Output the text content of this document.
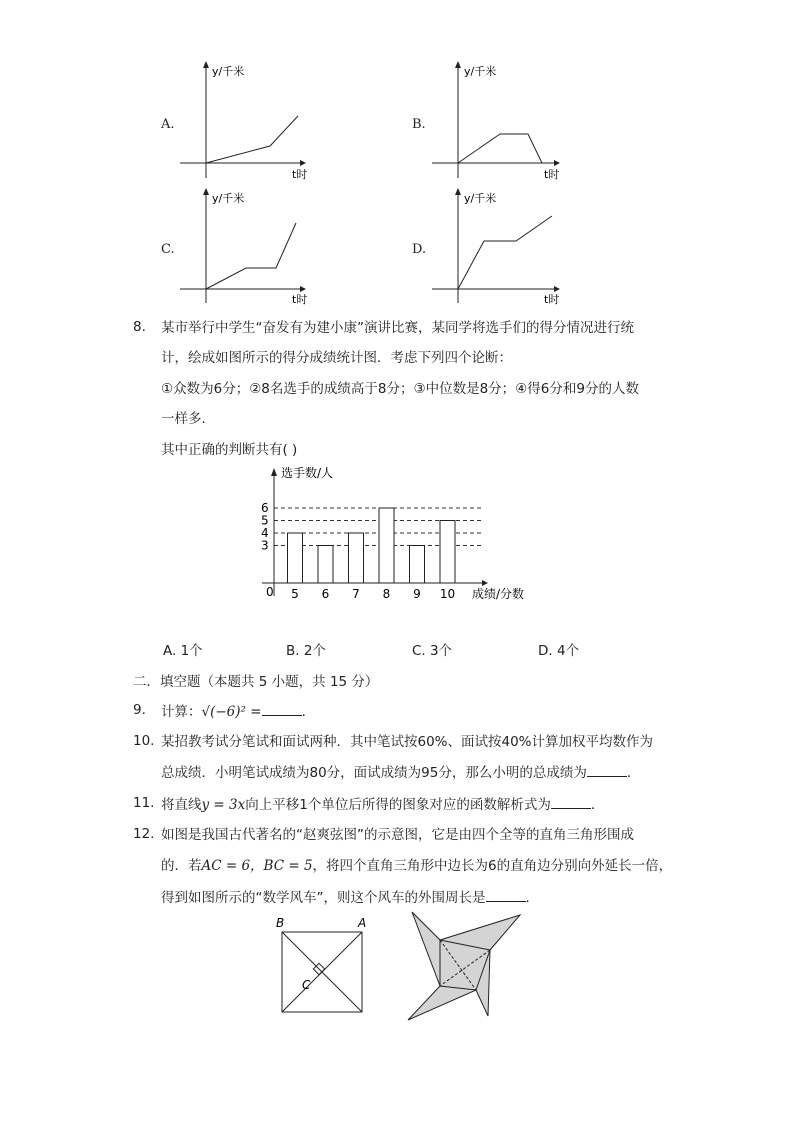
A.
y/千米
t时
B.
y/千米
t时
C.
y/千米
t时
D.
y/千米
t时
8. 某市举行中学生“奋发有为建小康”演讲比赛，某同学将选手们的得分情况进行统
计，绘成如图所示的得分成绩统计图．考虑下列四个论断：
①众数为6分；②8名选手的成绩高于8分；③中位数是8分；④得6分和9分的人数
一样多．
其中正确的判断共有( )
5 6 7 8 9 10
6
5
4
3
0
选手数/人
成绩/分数
A. 1个	B. 2个	C. 3个	D. 4个
二．填空题（本题共 5 小题，共 15 分）
9. 计算：√(−6)² =	．
10. 某招教考试分笔试和面试两种．其中笔试按60%、面试按40%计算加权平均数作为
总成绩．小明笔试成绩为80分，面试成绩为95分，那么小明的总成绩为	．
11. 将直线y = 3x向上平移1个单位后所得的图象对应的函数解析式为	．
12. 如图是我国古代著名的“赵爽弦图”的示意图，它是由四个全等的直角三角形围成
的．若AC = 6，BC = 5，将四个直角三角形中边长为6的直角边分别向外延长一倍，
得到如图所示的“数学风车”，则这个风车的外围周长是	．
B	A
C
